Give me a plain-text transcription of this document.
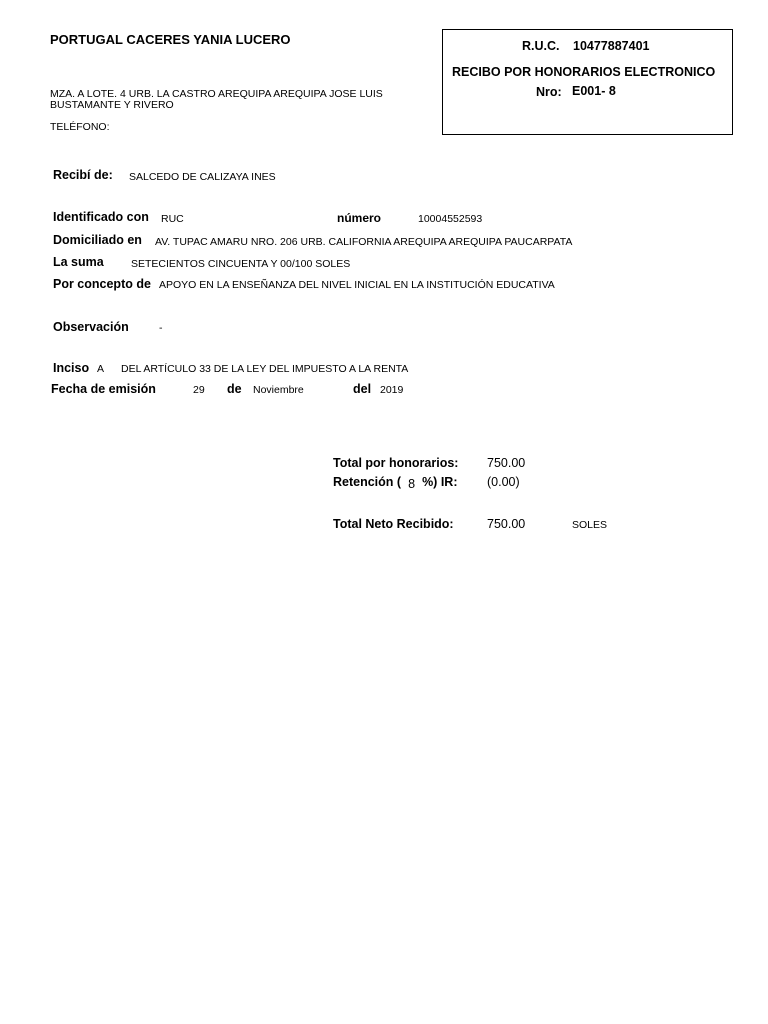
PORTUGAL CACERES YANIA LUCERO
MZA. A LOTE. 4 URB. LA CASTRO AREQUIPA AREQUIPA JOSE LUIS
BUSTAMANTE Y RIVERO
TELÉFONO:
R.U.C. 10477887401
RECIBO POR HONORARIOS ELECTRONICO
Nro: E001- 8
Recibí de: SALCEDO DE CALIZAYA INES
Identificado con RUC	número	10004552593
Domiciliado en AV. TUPAC AMARU NRO. 206 URB. CALIFORNIA AREQUIPA AREQUIPA PAUCARPATA
La suma	SETECIENTOS CINCUENTA Y 00/100 SOLES
Por concepto de APOYO EN LA ENSEÑANZA DEL NIVEL INICIAL EN LA INSTITUCIÓN EDUCATIVA
Observación	-
Inciso A DEL ARTÍCULO 33 DE LA LEY DEL IMPUESTO A LA RENTA
Fecha de emisión	29 de Noviembre	del 2019
Total por honorarios: 750.00
Retención ( 8 %) IR: (0.00)
Total Neto Recibido:	750.00	SOLES
